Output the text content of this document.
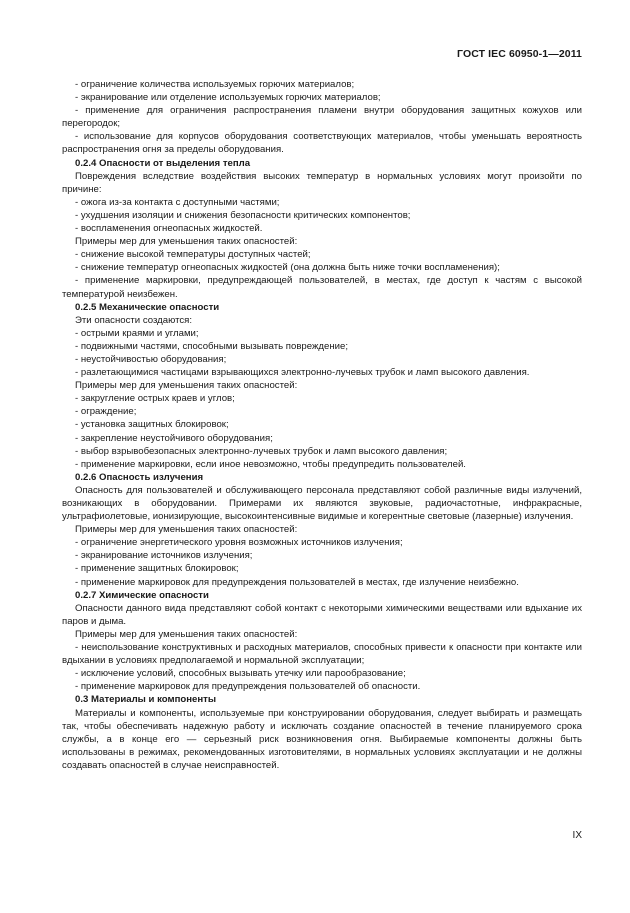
ГОСТ IEC 60950-1—2011

- ограничение количества используемых горючих материалов;

- экранирование или отделение используемых горючих материалов;

- применение для ограничения распространения пламени внутри оборудования защитных кожухов или перегородок;

- использование для корпусов оборудования соответствующих материалов, чтобы уменьшать вероятность распространения огня за пределы оборудования.

0.2.4 Опасности от выделения тепла

Повреждения вследствие воздействия высоких температур в нормальных условиях могут произойти по причине:

- ожога из-за контакта с доступными частями;

- ухудшения изоляции и снижения безопасности критических компонентов;

- воспламенения огнеопасных жидкостей.

Примеры мер для уменьшения таких опасностей:

- снижение высокой температуры доступных частей;

- снижение температур огнеопасных жидкостей (она должна быть ниже точки воспламенения);

- применение маркировки, предупреждающей пользователей, в местах, где доступ к частям с высокой температурой неизбежен.

0.2.5 Механические опасности

Эти опасности создаются:

- острыми краями и углами;

- подвижными частями, способными вызывать повреждение;

- неустойчивостью оборудования;

- разлетающимися частицами взрывающихся электронно-лучевых трубок и ламп высокого давления.

Примеры мер для уменьшения таких опасностей:

- закругление острых краев и углов;

- ограждение;

- установка защитных блокировок;

- закрепление неустойчивого оборудования;

- выбор взрывобезопасных электронно-лучевых трубок и ламп высокого давления;

- применение маркировки, если иное невозможно, чтобы предупредить пользователей.

0.2.6 Опасность излучения

Опасность для пользователей и обслуживающего персонала представляют собой различные виды излучений, возникающих в оборудовании. Примерами их являются звуковые, радиочастотные, инфракрасные, ультрафиолетовые, ионизирующие, высокоинтенсивные видимые и когерентные световые (лазерные) излучения.

Примеры мер для уменьшения таких опасностей:

- ограничение энергетического уровня возможных источников излучения;

- экранирование источников излучения;

- применение защитных блокировок;

- применение маркировок для предупреждения пользователей в местах, где излучение неизбежно.

0.2.7 Химические опасности

Опасности данного вида представляют собой контакт с некоторыми химическими веществами или вдыхание их паров и дыма.

Примеры мер для уменьшения таких опасностей:

- неиспользование конструктивных и расходных материалов, способных привести к опасности при контакте или вдыхании в условиях предполагаемой и нормальной эксплуатации;

- исключение условий, способных вызывать утечку или парообразование;

- применение маркировок для предупреждения пользователей об опасности.

0.3 Материалы и компоненты

Материалы и компоненты, используемые при конструировании оборудования, следует выбирать и размещать так, чтобы обеспечивать надежную работу и исключать создание опасностей в течение планируемого срока службы, а в конце его — серьезный риск возникновения огня. Выбираемые компоненты должны быть использованы в режимах, рекомендованных изготовителями, в нормальных условиях эксплуатации и не должны создавать опасностей в случае неисправностей.

IX
